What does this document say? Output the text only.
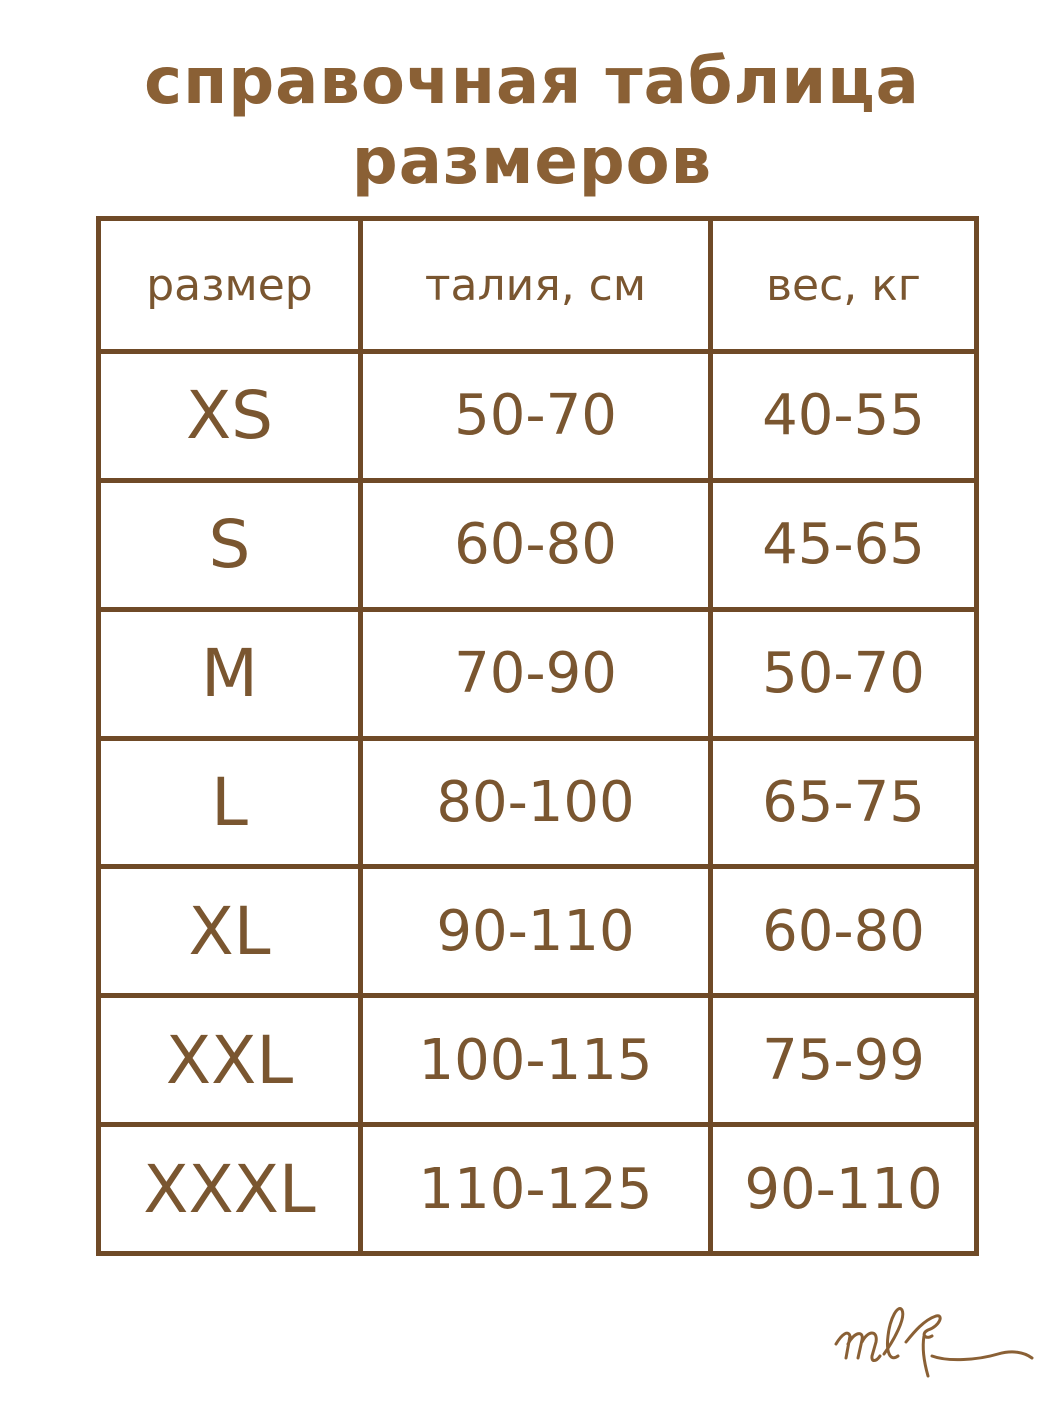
справочная таблица
размеров
размер	талия, см	вес, кг
XS	50-70	40-55
S	60-80	45-65
M	70-90	50-70
L	80-100	65-75
XL	90-110	60-80
XXL	100-115	75-99
XXXL	110-125	90-110
